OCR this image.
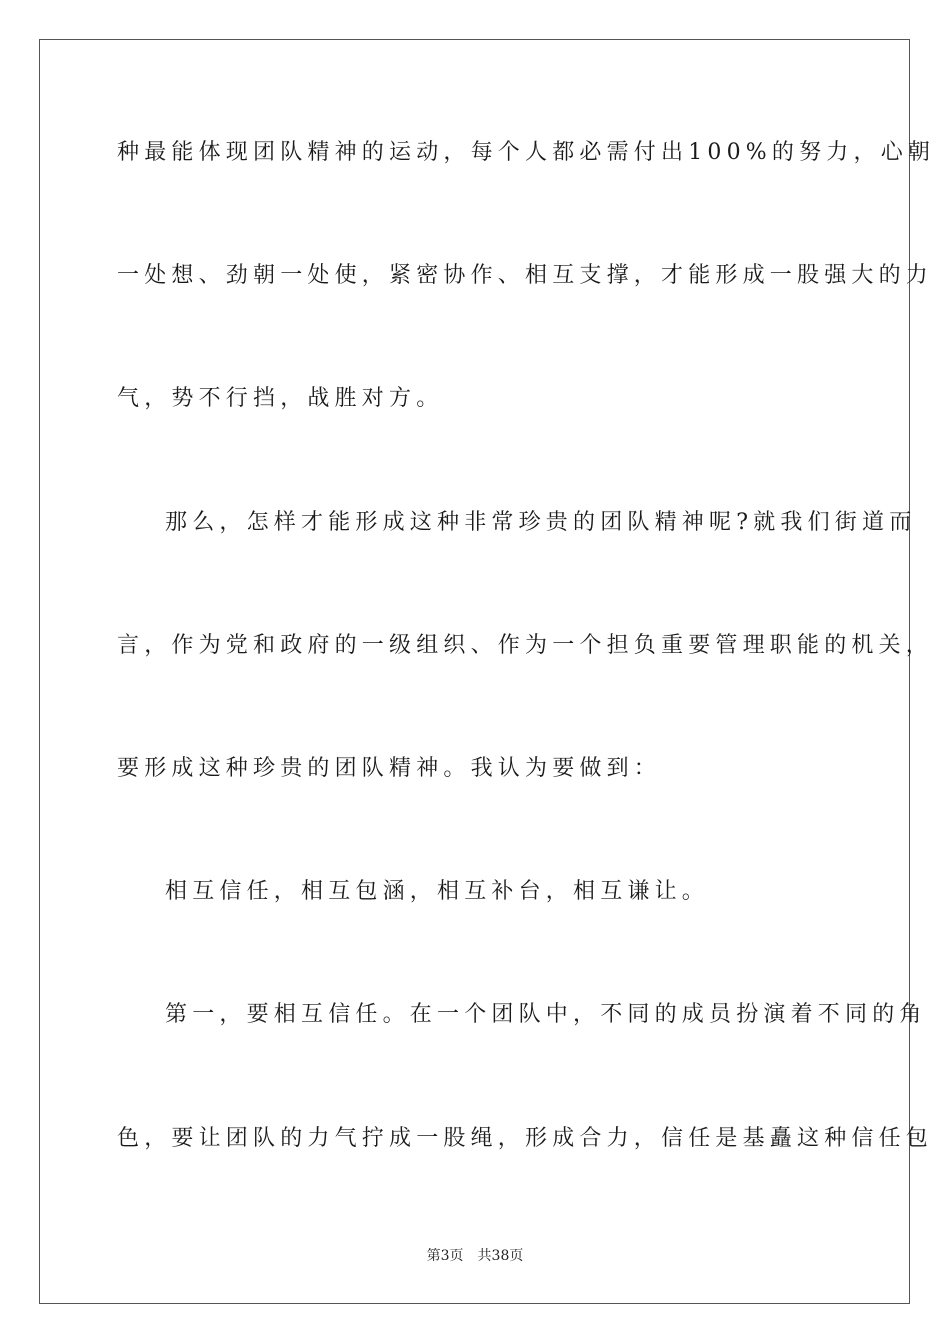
种最能体现团队精神的运动，每个人都必需付出100%的努力，心朝
一处想、劲朝一处使，紧密协作、相互支撑，才能形成一股强大的力
气，势不行挡，战胜对方。
那么，怎样才能形成这种非常珍贵的团队精神呢?就我们街道而
言，作为党和政府的一级组织、作为一个担负重要管理职能的机关，
要形成这种珍贵的团队精神。我认为要做到：
相互信任，相互包涵，相互补台，相互谦让。
第一，要相互信任。在一个团队中，不同的成员扮演着不同的角
色，要让团队的力气拧成一股绳，形成合力，信任是基矗这种信任包
第3页 共38页
